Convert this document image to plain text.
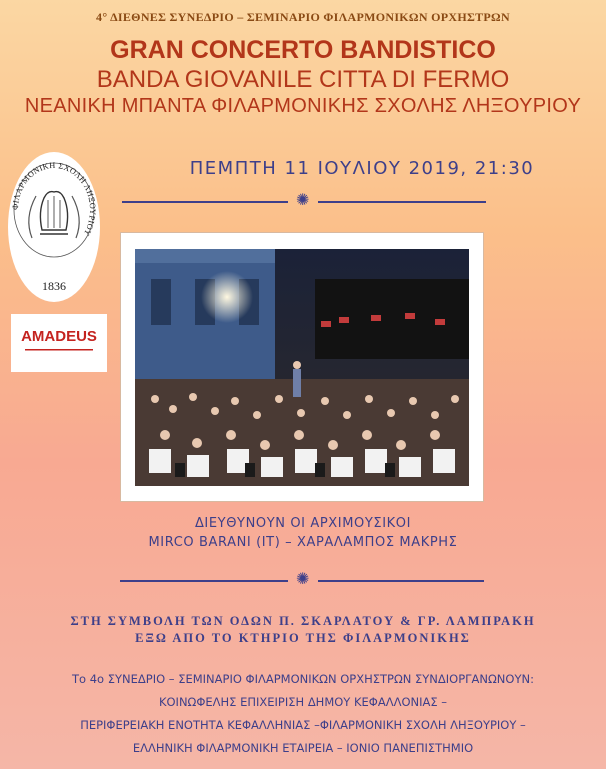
4° ΔΙΕΘΝΕΣ ΣΥΝΕΔΡΙΟ – ΣΕΜΙΝΑΡΙΟ ΦΙΛΑΡΜΟΝΙΚΩΝ ΟΡΧΗΣΤΡΩΝ
GRAN CONCERTO BANDISTICO
BANDA GIOVANILE CITTA DI FERMO
ΝΕΑΝΙΚΗ ΜΠΑΝΤΑ ΦΙΛΑΡΜΟΝΙΚΗΣ ΣΧΟΛΗΣ ΛΗΞΟΥΡΙΟΥ
ΦΙΛΑΡΜΟΝΙΚΗ ΣΧΟΛΗ ΛΗΞΟΥΡΙΟΥ
1836
AMADEUS
ΠΕΜΠΤΗ 11 ΙΟΥΛΙΟΥ 2019, 21:30
✺
ΔΙΕΥΘΥΝΟΥΝ ΟΙ ΑΡΧΙΜΟΥΣΙΚΟΙ
MIRCO BARANI (IT) – ΧΑΡΑΛΑΜΠΟΣ ΜΑΚΡΗΣ
✺
ΣΤΗ ΣΥΜΒΟΛΗ ΤΩΝ ΟΔΩΝ Π. ΣΚΑΡΛΑΤΟΥ & ΓΡ. ΛΑΜΠΡΑΚΗ
ΕΞΩ ΑΠΟ ΤΟ ΚΤΗΡΙΟ ΤΗΣ ΦΙΛΑΡΜΟΝΙΚΗΣ
Το 4ο ΣΥΝΕΔΡΙΟ – ΣΕΜΙΝΑΡΙΟ ΦΙΛΑΡΜΟΝΙΚΩΝ ΟΡΧΗΣΤΡΩΝ ΣΥΝΔΙΟΡΓΑΝΩΝΟΥΝ:
ΚΟΙΝΩΦΕΛΗΣ ΕΠΙΧΕΙΡΙΣΗ ΔΗΜΟΥ ΚΕΦΑΛΛΟΝΙΑΣ –
ΠΕΡΙΦΕΡΕΙΑΚΗ ΕΝΟΤΗΤΑ ΚΕΦΑΛΛΗΝΙΑΣ –ΦΙΛΑΡΜΟΝΙΚΗ ΣΧΟΛΗ ΛΗΞΟΥΡΙΟΥ –
ΕΛΛΗΝΙΚΗ ΦΙΛΑΡΜΟΝΙΚΗ ΕΤΑΙΡΕΙΑ – ΙΟΝΙΟ ΠΑΝΕΠΙΣΤΗΜΙΟ
